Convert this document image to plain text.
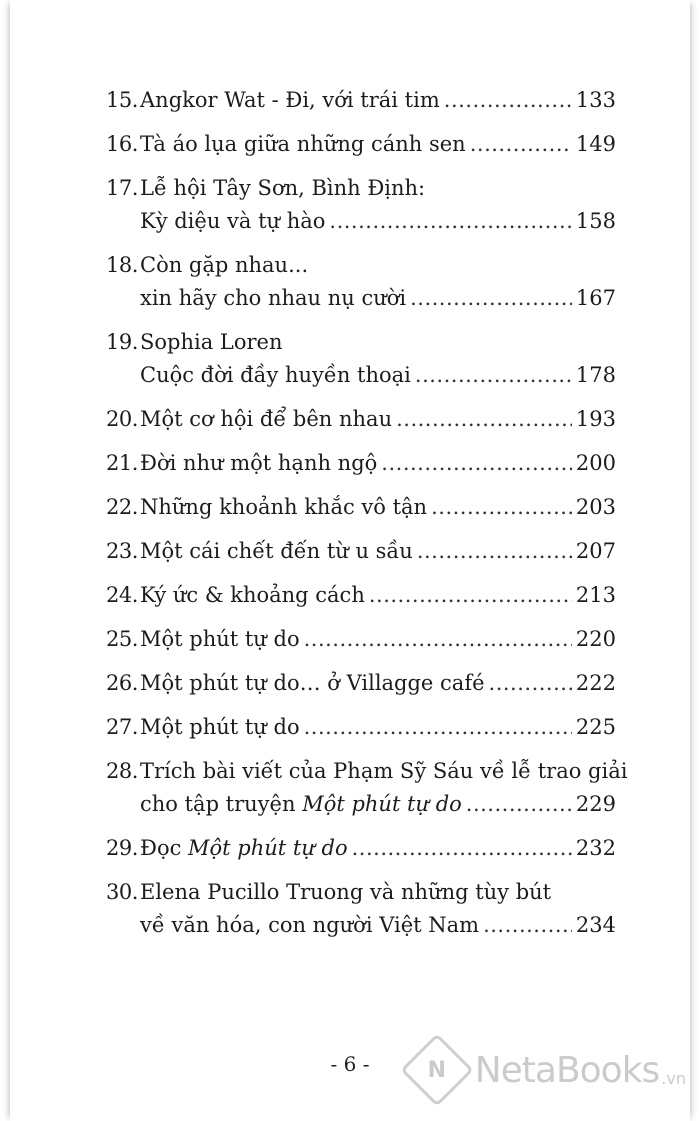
15. Angkor Wat - Đi, với trái tim .....	133
16. Tà áo lụa giữa những cánh sen .....	149
17. Lễ hội Tây Sơn, Bình Định:
Kỳ diệu và tự hào .....	158
18. Còn gặp nhau...
xin hãy cho nhau nụ cười .....	167
19. Sophia Loren
Cuộc đời đầy huyền thoại .....	178
20. Một cơ hội để bên nhau .....	193
21. Đời như một hạnh ngộ .....	200
22. Những khoảnh khắc vô tận .....	203
23. Một cái chết đến từ u sầu .....	207
24. Ký ức & khoảng cách .....	213
25. Một phút tự do .....	220
26. Một phút tự do… ở Villagge café .....	222
27. Một phút tự do .....	225
28. Trích bài viết của Phạm Sỹ Sáu về lễ trao giải
cho tập truyện Một phút tự do .....	229
29. Đọc Một phút tự do .....	232
30. Elena Pucillo Truong và những tùy bút
về văn hóa, con người Việt Nam .....	234
- 6 -	N NetaBooks .vn
